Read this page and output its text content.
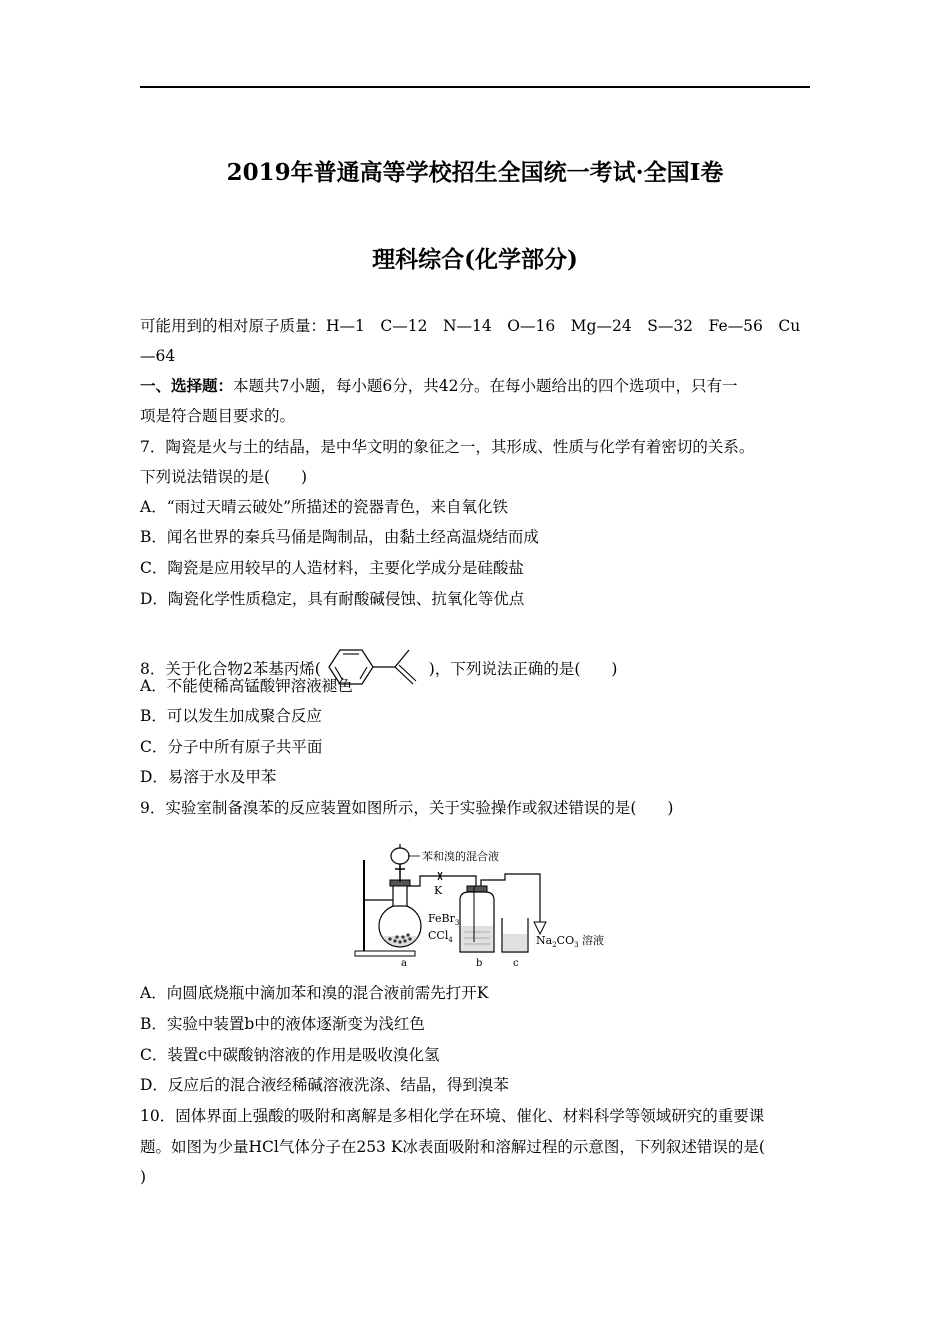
2019年普通高等学校招生全国统一考试·全国Ⅰ卷
理科综合(化学部分)
可能用到的相对原子质量：H—1　C—12　N—14　O—16　Mg—24　S—32　Fe—56　Cu
—64
一、选择题：本题共7小题，每小题6分，共42分。在每小题给出的四个选项中，只有一
项是符合题目要求的。
7．陶瓷是火与土的结晶，是中华文明的象征之一，其形成、性质与化学有着密切的关系。
下列说法错误的是(　　)
A．“雨过天晴云破处”所描述的瓷器青色，来自氧化铁
B．闻名世界的秦兵马俑是陶制品，由黏土经高温烧结而成
C．陶瓷是应用较早的人造材料，主要化学成分是硅酸盐
D．陶瓷化学性质稳定，具有耐酸碱侵蚀、抗氧化等优点
8．关于化合物2苯基丙烯(	)，下列说法正确的是(　　)
A．不能使稀高锰酸钾溶液褪色
B．可以发生加成聚合反应
C．分子中所有原子共平面
D．易溶于水及甲苯
9．实验室制备溴苯的反应装置如图所示，关于实验操作或叙述错误的是(　　)
苯和溴的混合液
K
FeBr$_3$
CCl$_4$	$Na_2CO_3$ 溶液
a	b	c
A．向圆底烧瓶中滴加苯和溴的混合液前需先打开K
B．实验中装置b中的液体逐渐变为浅红色
C．装置c中碳酸钠溶液的作用是吸收溴化氢
D．反应后的混合液经稀碱溶液洗涤、结晶，得到溴苯
10．固体界面上强酸的吸附和离解是多相化学在环境、催化、材料科学等领域研究的重要课
题。如图为少量HCl气体分子在253 K冰表面吸附和溶解过程的示意图，下列叙述错误的是(
)
